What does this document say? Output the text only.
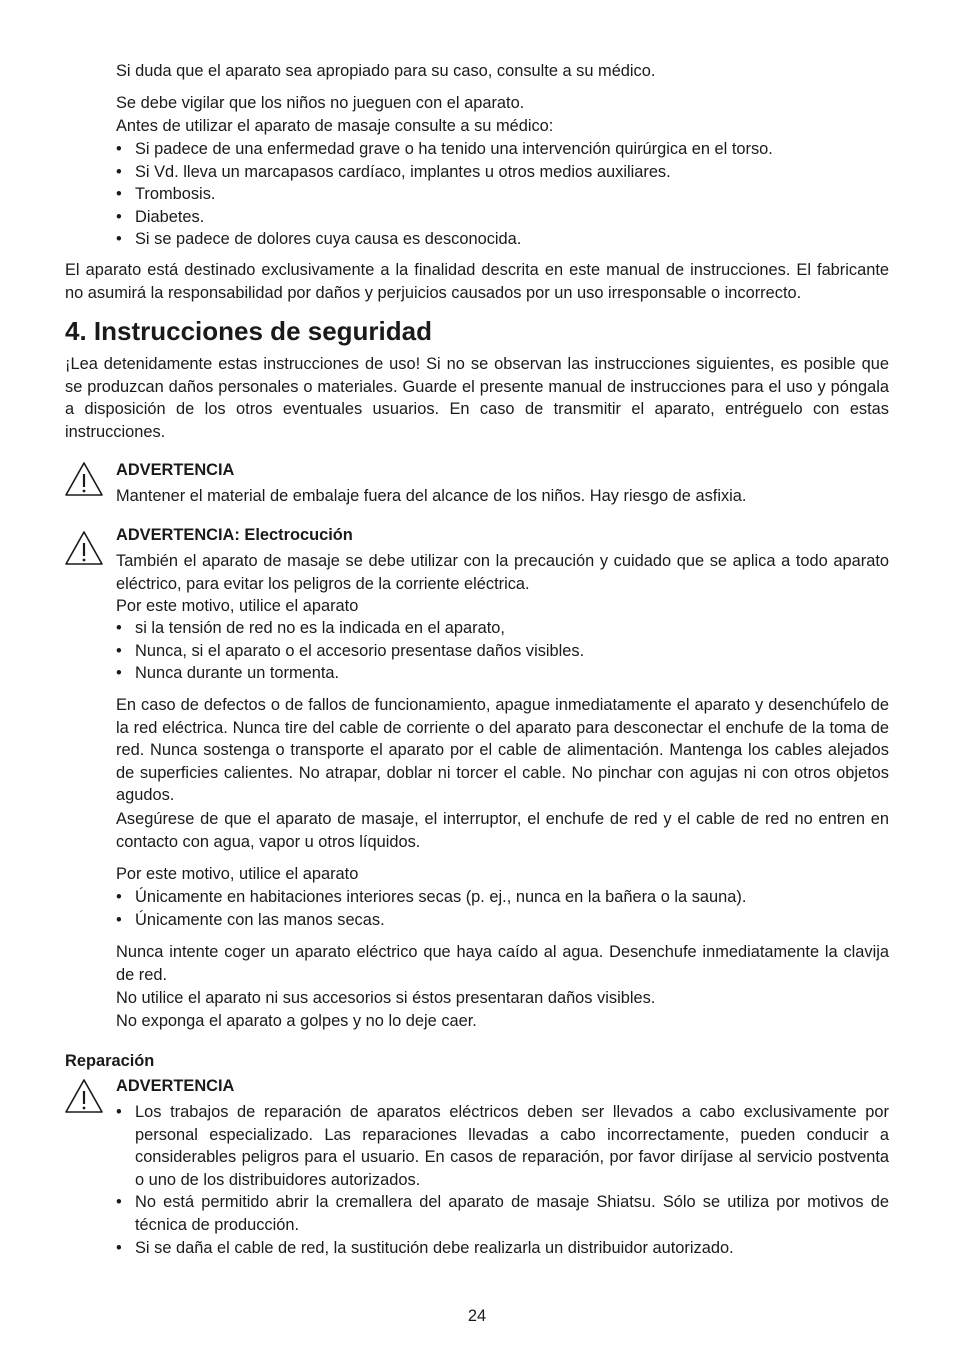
Si duda que el aparato sea apropiado para su caso, consulte a su médico.

Se debe vigilar que los niños no jueguen con el aparato.

Antes de utilizar el aparato de masaje consulte a su médico:

• Si padece de una enfermedad grave o ha tenido una intervención quirúrgica en el torso.
• Si Vd. lleva un marcapasos cardíaco, implantes u otros medios auxiliares.
• Trombosis.
• Diabetes.
• Si se padece de dolores cuya causa es desconocida.

El aparato está destinado exclusivamente a la finalidad descrita en este manual de instrucciones. El fabricante no asumirá la responsabilidad por daños y perjuicios causados por un uso irresponsable o incorrecto.

4. Instrucciones de seguridad

¡Lea detenidamente estas instrucciones de uso! Si no se observan las instrucciones siguientes, es posible que se produzcan daños personales o materiales. Guarde el presente manual de instrucciones para el uso y póngala a disposición de los otros eventuales usuarios. En caso de transmitir el aparato, entréguelo con estas instrucciones.

ADVERTENCIA

Mantener el material de embalaje fuera del alcance de los niños. Hay riesgo de asfixia.

ADVERTENCIA: Electrocución

También el aparato de masaje se debe utilizar con la precaución y cuidado que se aplica a todo aparato eléctrico, para evitar los peligros de la corriente eléctrica.

Por este motivo, utilice el aparato

• si la tensión de red no es la indicada en el aparato,
• Nunca, si el aparato o el accesorio presentase daños visibles.
• Nunca durante un tormenta.

En caso de defectos o de fallos de funcionamiento, apague inmediatamente el aparato y desenchúfelo de la red eléctrica. Nunca tire del cable de corriente o del aparato para desconectar el enchufe de la toma de red. Nunca sostenga o transporte el aparato por el cable de alimentación. Mantenga los cables alejados de superficies calientes. No atrapar, doblar ni torcer el cable. No pinchar con agujas ni con otros objetos agudos.

Asegúrese de que el aparato de masaje, el interruptor, el enchufe de red y el cable de red no entren en contacto con agua, vapor u otros líquidos.

Por este motivo, utilice el aparato

• Únicamente en habitaciones interiores secas (p. ej., nunca en la bañera o la sauna).
• Únicamente con las manos secas.

Nunca intente coger un aparato eléctrico que haya caído al agua. Desenchufe inmediatamente la clavija de red.

No utilice el aparato ni sus accesorios si éstos presentaran daños visibles.

No exponga el aparato a golpes y no lo deje caer.

Reparación

ADVERTENCIA

• Los trabajos de reparación de aparatos eléctricos deben ser llevados a cabo exclusivamente por personal especializado. Las reparaciones llevadas a cabo incorrectamente, pueden conducir a considerables peligros para el usuario. En casos de reparación, por favor diríjase al servicio postventa o uno de los distribuidores autorizados.
• No está permitido abrir la cremallera del aparato de masaje Shiatsu. Sólo se utiliza por motivos de técnica de producción.
• Si se daña el cable de red, la sustitución debe realizarla un distribuidor autorizado.
24
